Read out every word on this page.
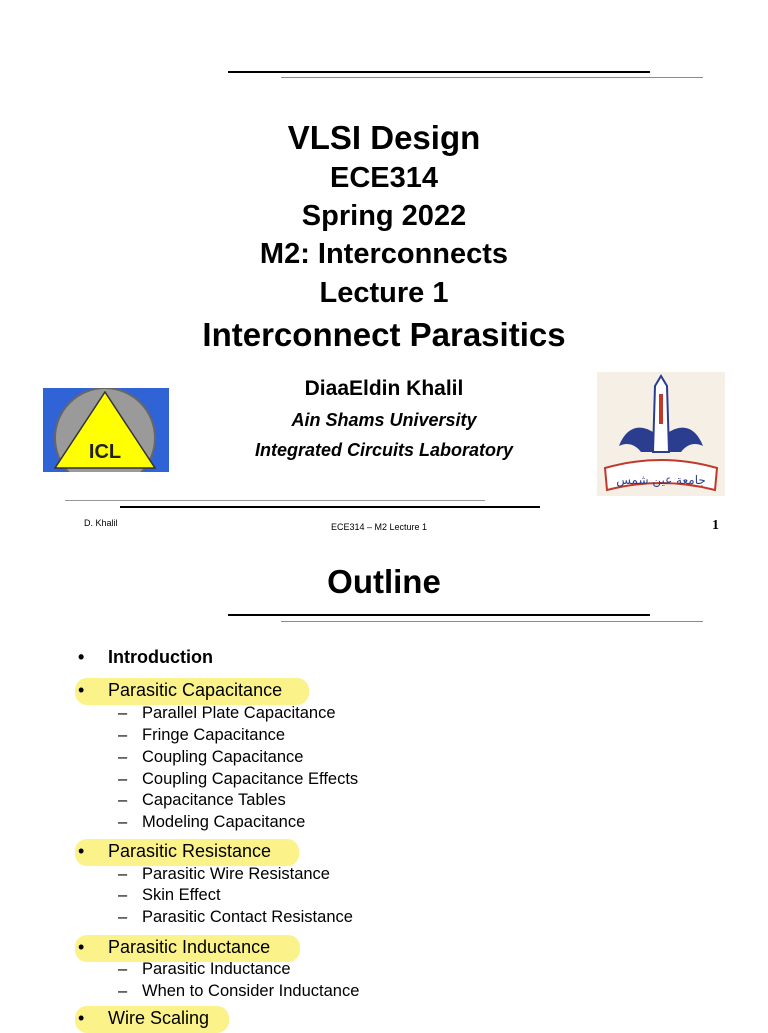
VLSI Design
ECE314
Spring 2022
M2: Interconnects
Lecture 1
Interconnect Parasitics
DiaaEldin Khalil
Ain Shams University
Integrated Circuits Laboratory
ICL
جامعة عين شمس
D. Khalil	ECE314 – M2 Lecture 1	1
Outline
• Introduction
• Parasitic Capacitance
– Parallel Plate Capacitance
– Fringe Capacitance
– Coupling Capacitance
– Coupling Capacitance Effects
– Capacitance Tables
– Modeling Capacitance
• Parasitic Resistance
– Parasitic Wire Resistance
– Skin Effect
– Parasitic Contact Resistance
• Parasitic Inductance
– Parasitic Inductance
– When to Consider Inductance
• Wire Scaling
